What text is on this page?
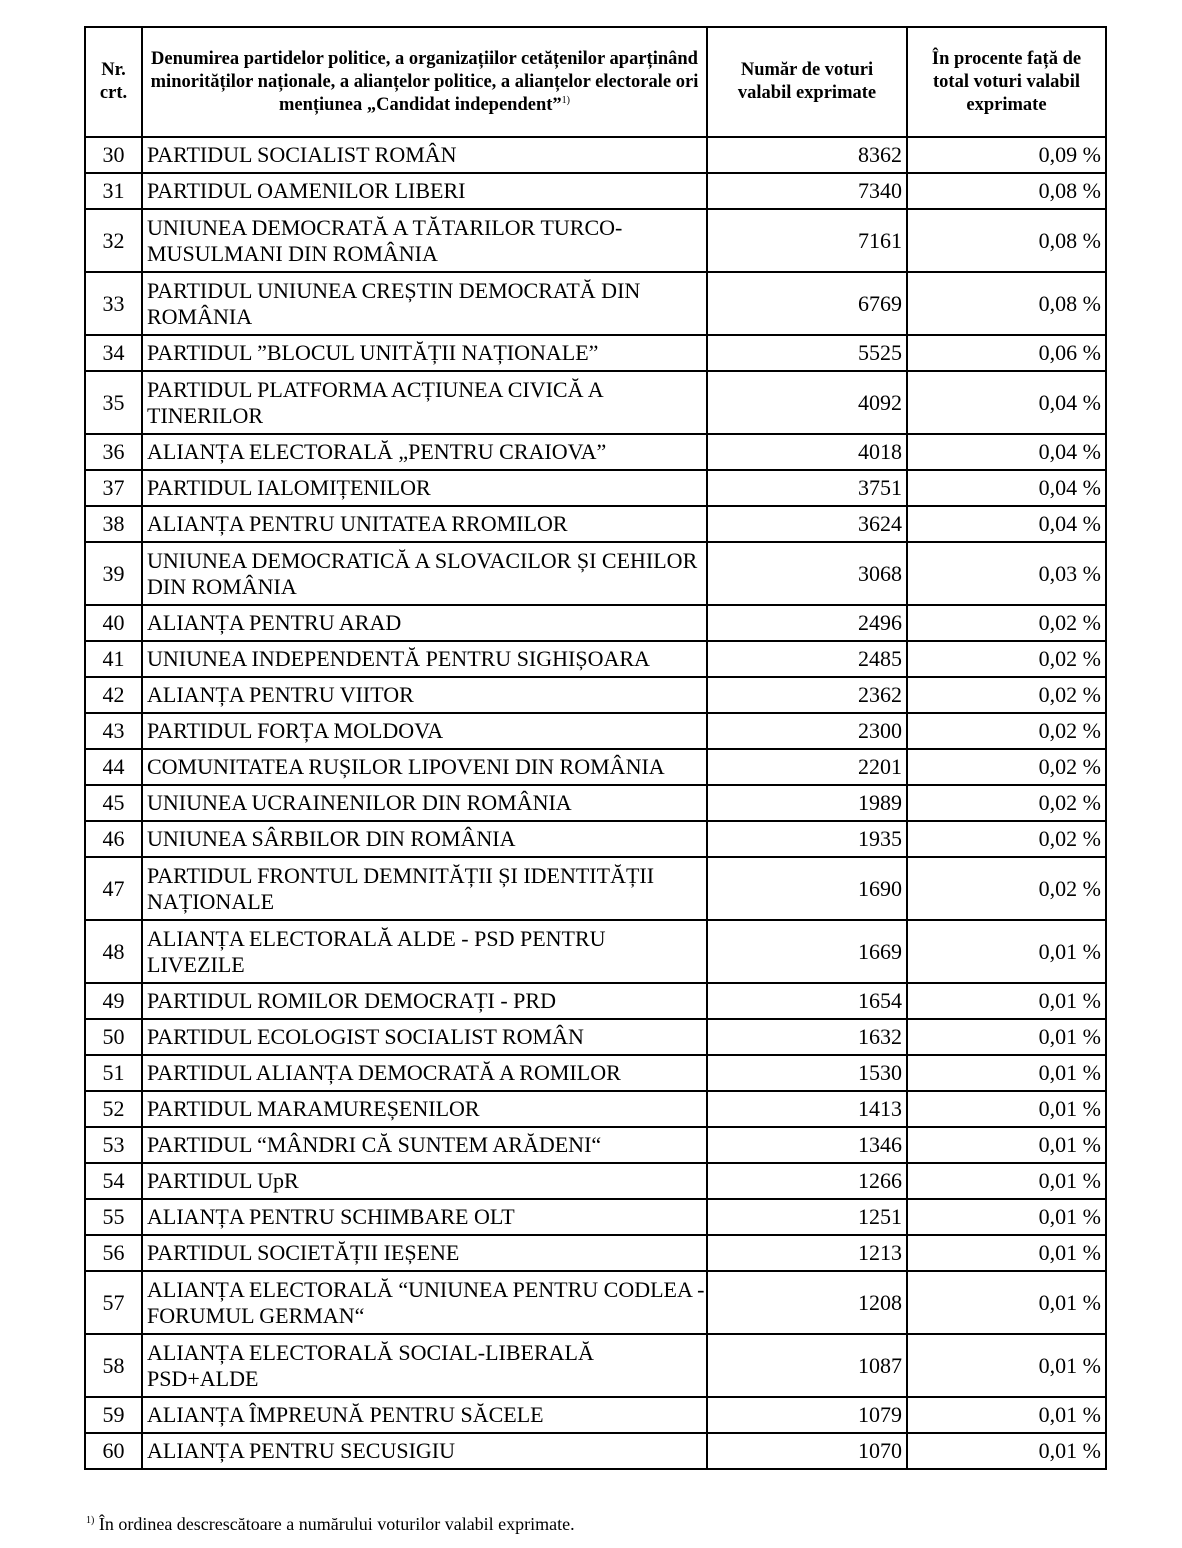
Nr. crt.	Denumirea partidelor politice, a organizațiilor cetățenilor aparținând minorităților naționale, a alianțelor politice, a alianțelor electorale ori mențiunea „Candidat independent”$^{1)}$	Număr de voturi valabil exprimate	În procente față de total voturi valabil exprimate
30	PARTIDUL SOCIALIST ROMÂN	8362	0,09 %
31	PARTIDUL OAMENILOR LIBERI	7340	0,08 %
32	UNIUNEA DEMOCRATĂ A TĂTARILOR TURCO-MUSULMANI DIN ROMÂNIA	7161	0,08 %
33	PARTIDUL UNIUNEA CREȘTIN DEMOCRATĂ DIN ROMÂNIA	6769	0,08 %
34	PARTIDUL ”BLOCUL UNITĂȚII NAȚIONALE”	5525	0,06 %
35	PARTIDUL PLATFORMA ACȚIUNEA CIVICĂ A TINERILOR	4092	0,04 %
36	ALIANȚA ELECTORALĂ „PENTRU CRAIOVA”	4018	0,04 %
37	PARTIDUL IALOMIȚENILOR	3751	0,04 %
38	ALIANȚA PENTRU UNITATEA RROMILOR	3624	0,04 %
39	UNIUNEA DEMOCRATICĂ A SLOVACILOR ȘI CEHILOR DIN ROMÂNIA	3068	0,03 %
40	ALIANȚA PENTRU ARAD	2496	0,02 %
41	UNIUNEA INDEPENDENTĂ PENTRU SIGHIȘOARA	2485	0,02 %
42	ALIANȚA PENTRU VIITOR	2362	0,02 %
43	PARTIDUL FORȚA MOLDOVA	2300	0,02 %
44	COMUNITATEA RUȘILOR LIPOVENI DIN ROMÂNIA	2201	0,02 %
45	UNIUNEA UCRAINENILOR DIN ROMÂNIA	1989	0,02 %
46	UNIUNEA SÂRBILOR DIN ROMÂNIA	1935	0,02 %
47	PARTIDUL FRONTUL DEMNITĂȚII ȘI IDENTITĂȚII NAȚIONALE	1690	0,02 %
48	ALIANȚA ELECTORALĂ ALDE - PSD PENTRU LIVEZILE	1669	0,01 %
49	PARTIDUL ROMILOR DEMOCRAȚI - PRD	1654	0,01 %
50	PARTIDUL ECOLOGIST SOCIALIST ROMÂN	1632	0,01 %
51	PARTIDUL ALIANȚA DEMOCRATĂ A ROMILOR	1530	0,01 %
52	PARTIDUL MARAMUREȘENILOR	1413	0,01 %
53	PARTIDUL “MÂNDRI CĂ SUNTEM ARĂDENI“	1346	0,01 %
54	PARTIDUL UpR	1266	0,01 %
55	ALIANȚA PENTRU SCHIMBARE OLT	1251	0,01 %
56	PARTIDUL SOCIETĂȚII IEȘENE	1213	0,01 %
57	ALIANȚA ELECTORALĂ “UNIUNEA PENTRU CODLEA - FORUMUL GERMAN“	1208	0,01 %
58	ALIANȚA ELECTORALĂ SOCIAL-LIBERALĂ PSD+ALDE	1087	0,01 %
59	ALIANȚA ÎMPREUNĂ PENTRU SĂCELE	1079	0,01 %
60	ALIANȚA PENTRU SECUSIGIU	1070	0,01 %
$^{1)}$ În ordinea descrescătoare a numărului voturilor valabil exprimate.
